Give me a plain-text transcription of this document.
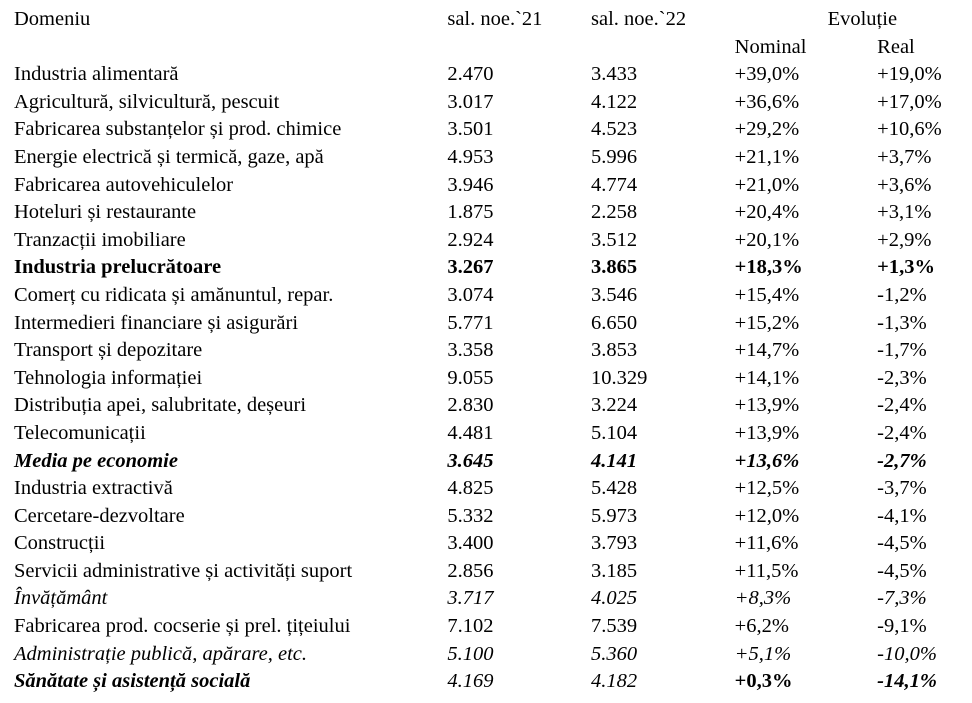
Domeniu	sal. noe.`21	sal. noe.`22	Evoluție	
			Nominal	Real
Industria alimentară	2.470	3.433	+39,0%	+19,0%
Agricultură, silvicultură, pescuit	3.017	4.122	+36,6%	+17,0%
Fabricarea substanțelor și prod. chimice	3.501	4.523	+29,2%	+10,6%
Energie electrică și termică, gaze, apă	4.953	5.996	+21,1%	+3,7%
Fabricarea autovehiculelor	3.946	4.774	+21,0%	+3,6%
Hoteluri și restaurante	1.875	2.258	+20,4%	+3,1%
Tranzacții imobiliare	2.924	3.512	+20,1%	+2,9%
Industria prelucrătoare	3.267	3.865	+18,3%	+1,3%
Comerț cu ridicata și amănuntul, repar.	3.074	3.546	+15,4%	-1,2%
Intermedieri financiare și asigurări	5.771	6.650	+15,2%	-1,3%
Transport și depozitare	3.358	3.853	+14,7%	-1,7%
Tehnologia informației	9.055	10.329	+14,1%	-2,3%
Distribuția apei, salubritate, deșeuri	2.830	3.224	+13,9%	-2,4%
Telecomunicații	4.481	5.104	+13,9%	-2,4%
Media pe economie	3.645	4.141	+13,6%	-2,7%
Industria extractivă	4.825	5.428	+12,5%	-3,7%
Cercetare-dezvoltare	5.332	5.973	+12,0%	-4,1%
Construcții	3.400	3.793	+11,6%	-4,5%
Servicii administrative și activități suport	2.856	3.185	+11,5%	-4,5%
Învățământ	3.717	4.025	+8,3%	-7,3%
Fabricarea prod. cocserie și prel. țițeiului	7.102	7.539	+6,2%	-9,1%
Administrație publică, apărare, etc.	5.100	5.360	+5,1%	-10,0%
Sănătate și asistență socială	4.169	4.182	+0,3%	-14,1%
